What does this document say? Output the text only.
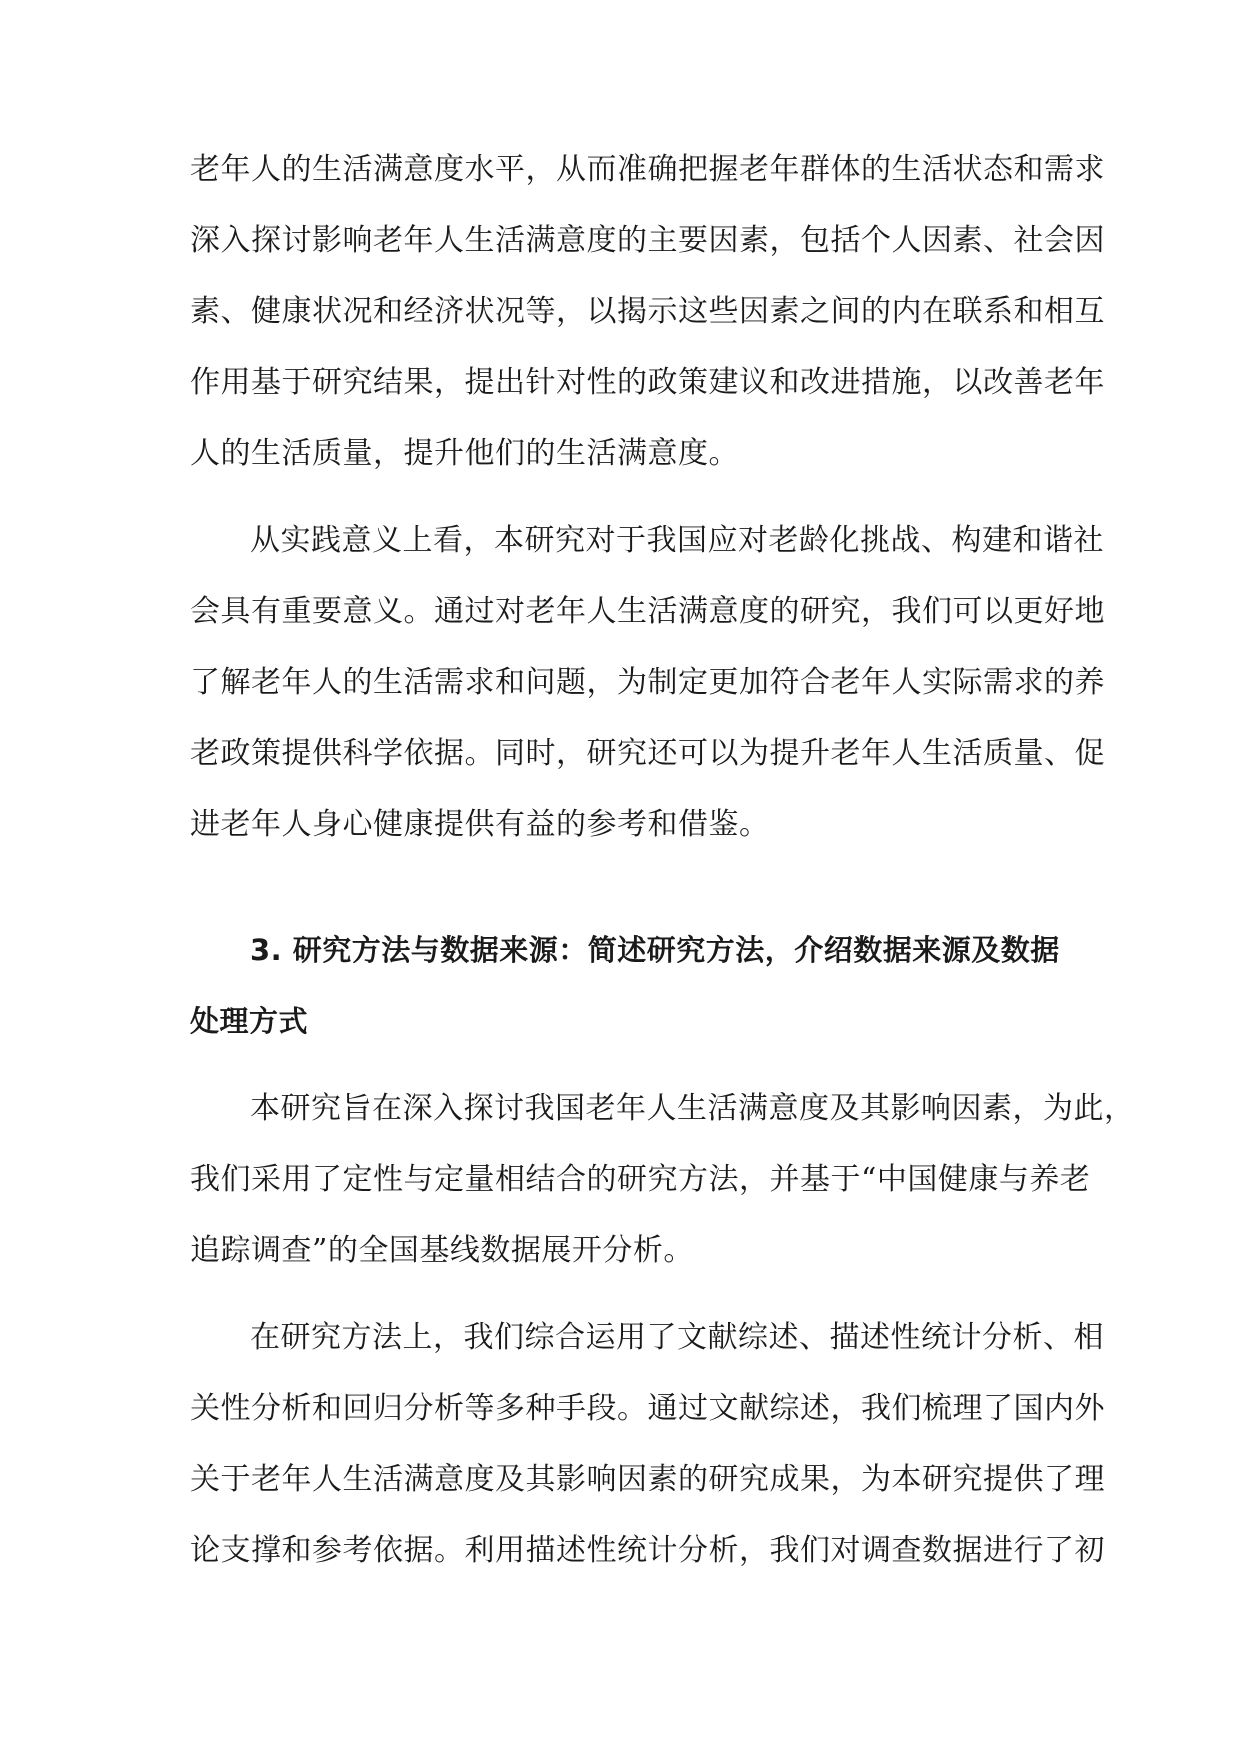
老年人的生活满意度水平，从而准确把握老年群体的生活状态和需求
深入探讨影响老年人生活满意度的主要因素，包括个人因素、社会因
素、健康状况和经济状况等，以揭示这些因素之间的内在联系和相互
作用基于研究结果，提出针对性的政策建议和改进措施，以改善老年
人的生活质量，提升他们的生活满意度。
从实践意义上看，本研究对于我国应对老龄化挑战、构建和谐社
会具有重要意义。通过对老年人生活满意度的研究，我们可以更好地
了解老年人的生活需求和问题，为制定更加符合老年人实际需求的养
老政策提供科学依据。同时，研究还可以为提升老年人生活质量、促
进老年人身心健康提供有益的参考和借鉴。
3. 研究方法与数据来源：简述研究方法，介绍数据来源及数据
处理方式
本研究旨在深入探讨我国老年人生活满意度及其影响因素，为此，
我们采用了定性与定量相结合的研究方法，并基于“中国健康与养老
追踪调查”的全国基线数据展开分析。
在研究方法上，我们综合运用了文献综述、描述性统计分析、相
关性分析和回归分析等多种手段。通过文献综述，我们梳理了国内外
关于老年人生活满意度及其影响因素的研究成果，为本研究提供了理
论支撑和参考依据。利用描述性统计分析，我们对调查数据进行了初
